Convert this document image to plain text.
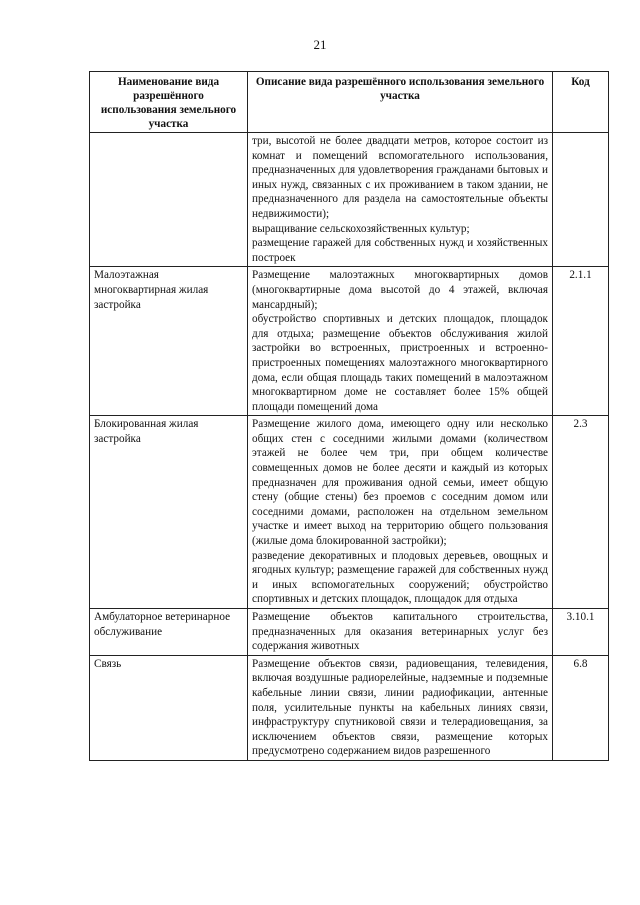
21
Наименование вида разрешённого использования земельного участка	Описание вида разрешённого использования земельного участка	Код

	три, высотой не более двадцати метров, которое состоит из комнат и помещений вспомогательного использования, предназначенных для удовлетворения гражданами бытовых и иных нужд, связанных с их проживанием в таком здании, не предназначенного для раздела на самостоятельные объекты недвижимости);
выращивание сельскохозяйственных культур;
размещение гаражей для собственных нужд и хозяйственных построек	

Малоэтажная многоквартирная жилая застройка	Размещение малоэтажных многоквартирных домов (многоквартирные дома высотой до 4 этажей, включая мансардный);
обустройство спортивных и детских площадок, площадок для отдыха; размещение объектов обслуживания жилой застройки во встроенных, пристроенных и встроенно-пристроенных помещениях малоэтажного многоквартирного дома, если общая площадь таких помещений в малоэтажном многоквартирном доме не составляет более 15% общей площади помещений дома	2.1.1
Блокированная жилая застройка	Размещение жилого дома, имеющего одну или несколько общих стен с соседними жилыми домами (количеством этажей не более чем три, при общем количестве совмещенных домов не более десяти и каждый из которых предназначен для проживания одной семьи, имеет общую стену (общие стены) без проемов с соседним домом или соседними домами, расположен на отдельном земельном участке и имеет выход на территорию общего пользования (жилые дома блокированной застройки);
разведение декоративных и плодовых деревьев, овощных и ягодных культур; размещение гаражей для собственных нужд и иных вспомогательных сооружений; обустройство спортивных и детских площадок, площадок для отдыха	2.3
Амбулаторное ветеринарное обслуживание	Размещение объектов капитального строительства, предназначенных для оказания ветеринарных услуг без содержания животных	3.10.1
Связь	Размещение объектов связи, радиовещания, телевидения, включая воздушные радиорелейные, надземные и подземные кабельные линии связи, линии радиофикации, антенные поля, усилительные пункты на кабельных линиях связи, инфраструктуру спутниковой связи и телерадиовещания, за исключением объектов связи, размещение которых предусмотрено содержанием видов разрешенного	6.8
